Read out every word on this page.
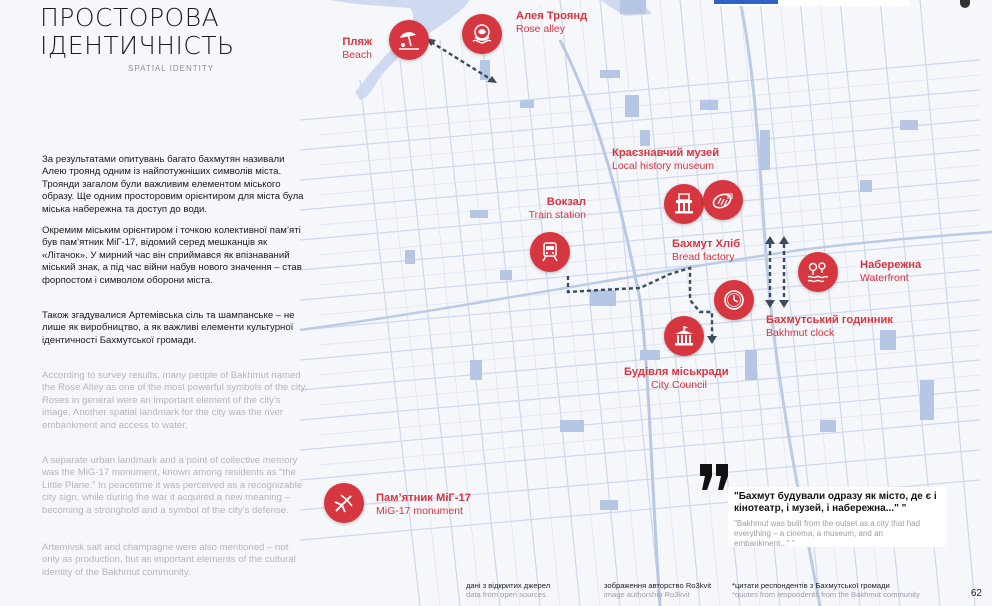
ПРОСТОРОВА
ІДЕНТИЧНІСТЬ
SPATIAL IDENTITY
За результатами опитувань багато бахмутян називали Алею троянд одним із найпотужніших символів міста. Троянди загалом були важливим елементом міського образу. Ще одним просторовим орієнтиром для міста була міська набережна та доступ до води.
Окремим міським орієнтиром і точкою колективної пам’яті був пам’ятник МіГ-17, відомий серед мешканців як «Літачок». У мирний час він сприймався як впізнаваний міський знак, а під час війни набув нового значення – став форпостом і символом оборони міста.
Також згадувалися Артемівська сіль та шампанське – не лише як виробництво, а як важливі елементи культурної ідентичності Бахмутської громади.
According to survey results, many people of Bakhmut named the Rose Alley as one of the most powerful symbols of the city. Roses in general were an important element of the city’s image. Another spatial landmark for the city was the river embankment and access to water.
A separate urban landmark and a point of collective memory was the MiG-17 monument, known among residents as “the Little Plane.” In peacetime it was perceived as a recognizable city sign, while during the war it acquired a new meaning – becoming a stronghold and a symbol of the city’s defense.
Artemivsk salt and champagne were also mentioned – not only as production, but as important elements of the cultural identity of the Bakhmut community.
Пляж
Beach
Алея Троянд
Rose alley
Краєзнавчий музей
Local history museum
Бахмут Хліб
Bread factory
Вокзал
Train station
Набережна
Waterfront
Бахмутський годинник
Bakhmut clock
Будівля міськради
City Council
Пам’ятник МіГ-17
MiG-17 monument
"Бахмут будували одразу як місто, де є і кінотеатр, і музей, і набережна..." "
"Bakhmut was built from the outset as a city that had everything – a cinema, a museum, and an embankment..." "
дані з відкритих джерел
data from open sources
зображення авторство Ro3kvit
image authorship Ro3kvit
*цитати респондентів з Бахмутської громади
*quotes from respondents from the Bakhmut community	62
